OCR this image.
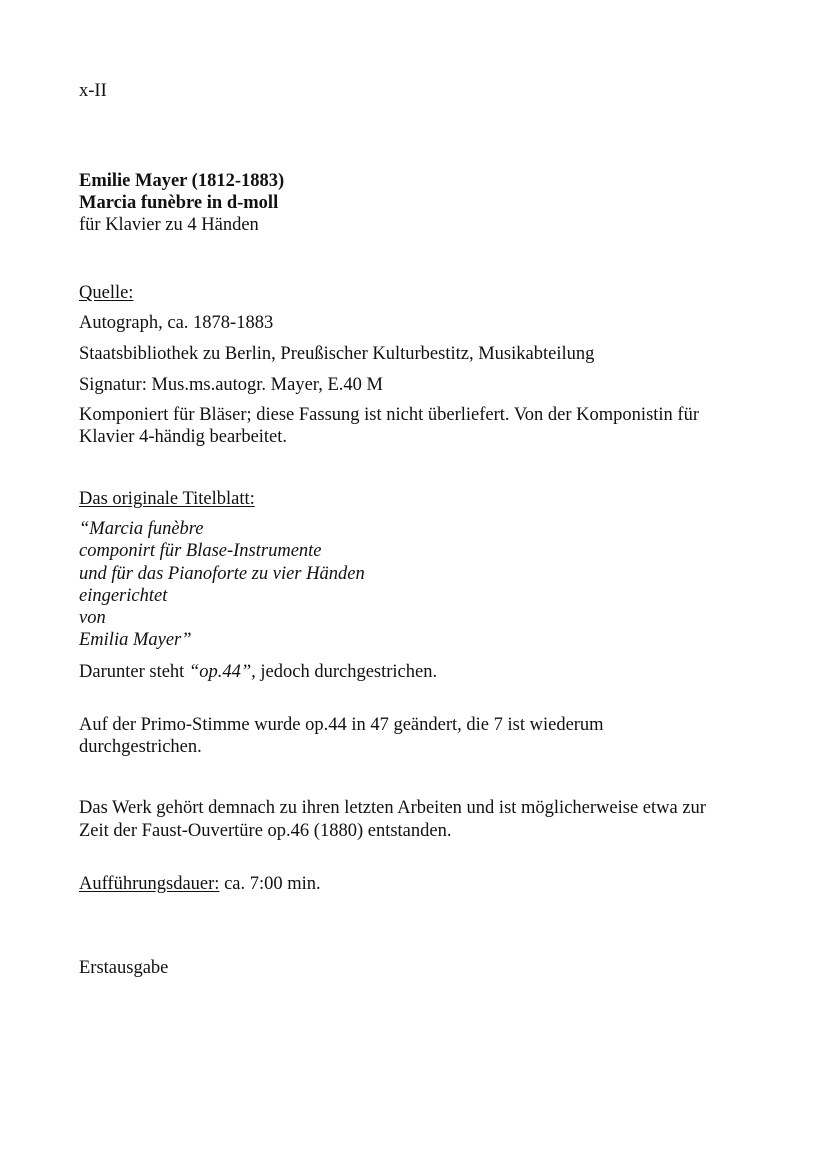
x-II
Emilie Mayer (1812-1883)
Marcia funèbre in d-moll
für Klavier zu 4 Händen
Quelle:
Autograph, ca. 1878-1883
Staatsbibliothek zu Berlin, Preußischer Kulturbestitz, Musikabteilung
Signatur: Mus.ms.autogr. Mayer, E.40 M
Komponiert für Bläser; diese Fassung ist nicht überliefert. Von der Komponistin für
Klavier 4-händig bearbeitet.
Das originale Titelblatt:
“Marcia funèbre
componirt für Blase-Instrumente
und für das Pianoforte zu vier Händen
eingerichtet
von
Emilia Mayer”
Darunter steht “op.44”, jedoch durchgestrichen.
Auf der Primo-Stimme wurde op.44 in 47 geändert, die 7 ist wiederum
durchgestrichen.
Das Werk gehört demnach zu ihren letzten Arbeiten und ist möglicherweise etwa zur
Zeit der Faust-Ouvertüre op.46 (1880) entstanden.
Aufführungsdauer: ca. 7:00 min.
Erstausgabe
